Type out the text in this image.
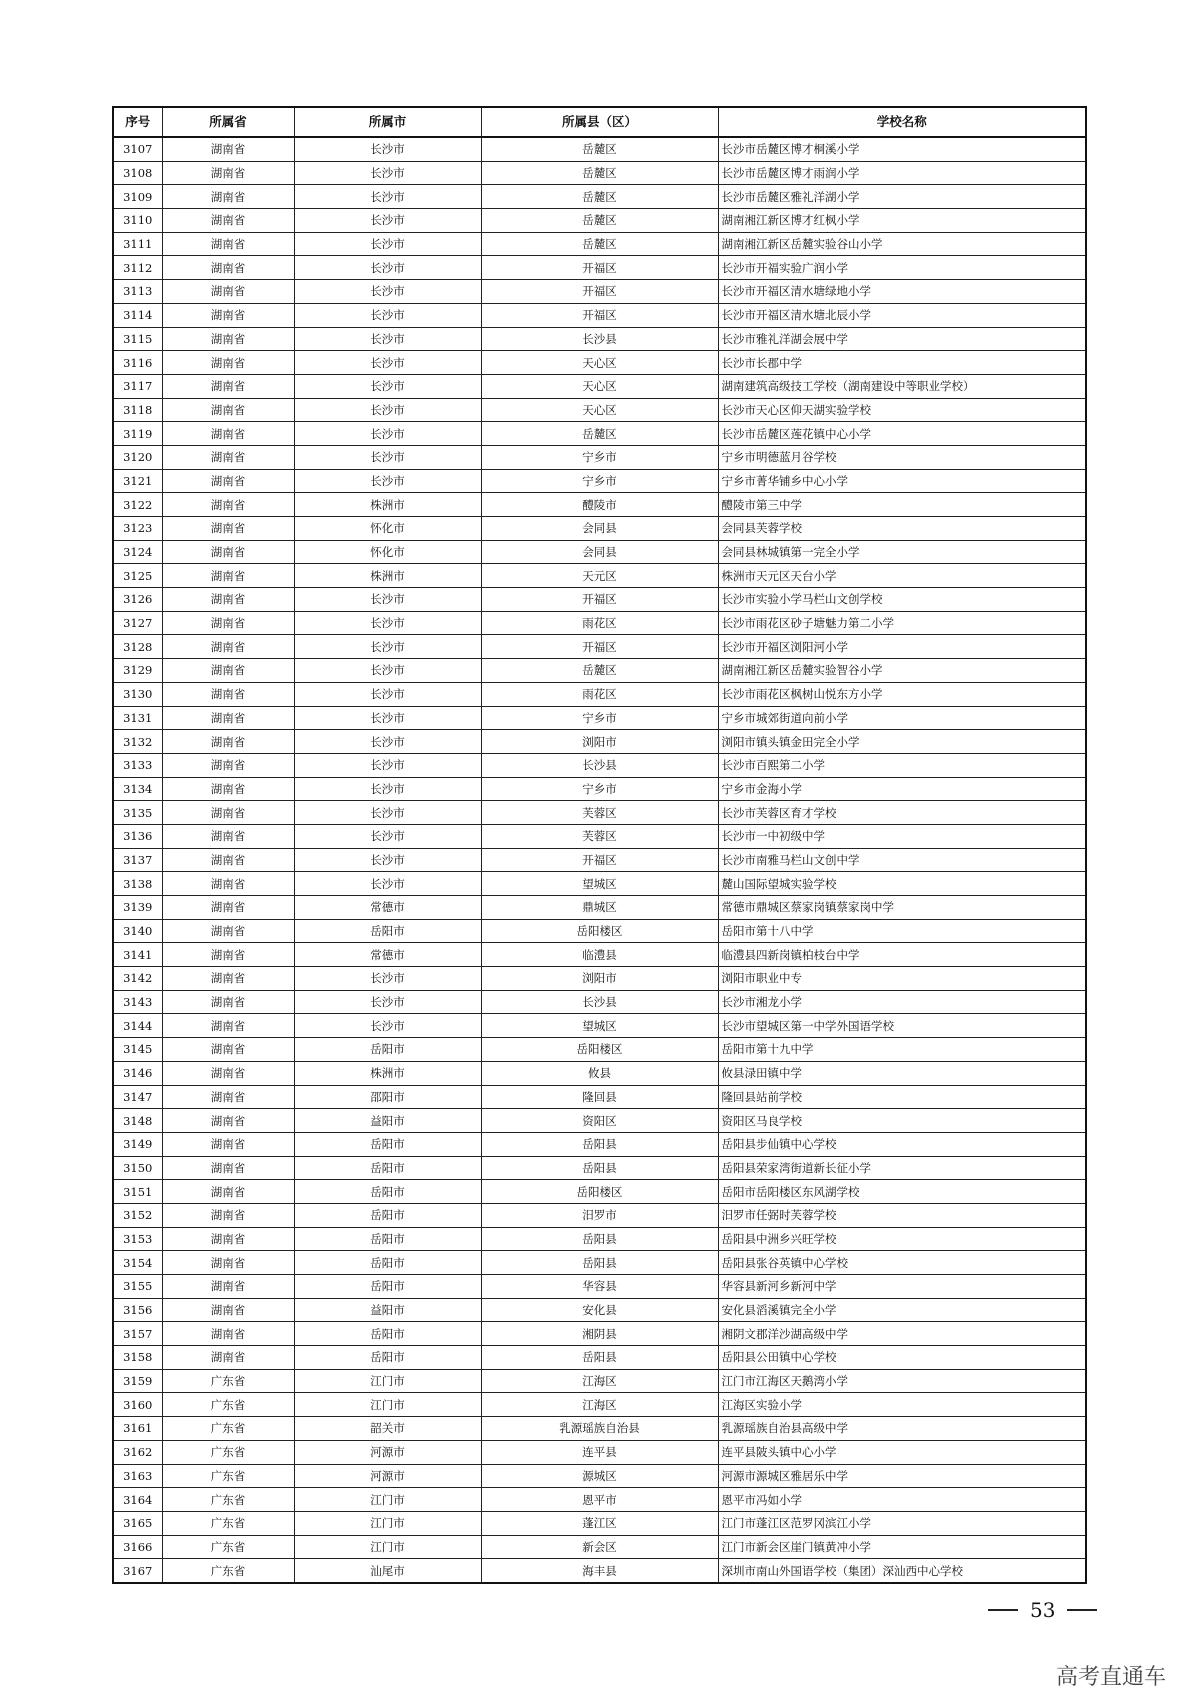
序号	所属省	所属市	所属县（区）	学校名称
3107	湖南省	长沙市	岳麓区	长沙市岳麓区博才桐溪小学
3108	湖南省	长沙市	岳麓区	长沙市岳麓区博才雨润小学
3109	湖南省	长沙市	岳麓区	长沙市岳麓区雅礼洋湖小学
3110	湖南省	长沙市	岳麓区	湖南湘江新区博才红枫小学
3111	湖南省	长沙市	岳麓区	湖南湘江新区岳麓实验谷山小学
3112	湖南省	长沙市	开福区	长沙市开福实验广润小学
3113	湖南省	长沙市	开福区	长沙市开福区清水塘绿地小学
3114	湖南省	长沙市	开福区	长沙市开福区清水塘北辰小学
3115	湖南省	长沙市	长沙县	长沙市雅礼洋湖会展中学
3116	湖南省	长沙市	天心区	长沙市长郡中学
3117	湖南省	长沙市	天心区	湖南建筑高级技工学校（湖南建设中等职业学校）
3118	湖南省	长沙市	天心区	长沙市天心区仰天湖实验学校
3119	湖南省	长沙市	岳麓区	长沙市岳麓区莲花镇中心小学
3120	湖南省	长沙市	宁乡市	宁乡市明德蓝月谷学校
3121	湖南省	长沙市	宁乡市	宁乡市菁华铺乡中心小学
3122	湖南省	株洲市	醴陵市	醴陵市第三中学
3123	湖南省	怀化市	会同县	会同县芙蓉学校
3124	湖南省	怀化市	会同县	会同县林城镇第一完全小学
3125	湖南省	株洲市	天元区	株洲市天元区天台小学
3126	湖南省	长沙市	开福区	长沙市实验小学马栏山文创学校
3127	湖南省	长沙市	雨花区	长沙市雨花区砂子塘魅力第二小学
3128	湖南省	长沙市	开福区	长沙市开福区浏阳河小学
3129	湖南省	长沙市	岳麓区	湖南湘江新区岳麓实验智谷小学
3130	湖南省	长沙市	雨花区	长沙市雨花区枫树山悦东方小学
3131	湖南省	长沙市	宁乡市	宁乡市城郊街道向前小学
3132	湖南省	长沙市	浏阳市	浏阳市镇头镇金田完全小学
3133	湖南省	长沙市	长沙县	长沙市百熙第二小学
3134	湖南省	长沙市	宁乡市	宁乡市金海小学
3135	湖南省	长沙市	芙蓉区	长沙市芙蓉区育才学校
3136	湖南省	长沙市	芙蓉区	长沙市一中初级中学
3137	湖南省	长沙市	开福区	长沙市南雅马栏山文创中学
3138	湖南省	长沙市	望城区	麓山国际望城实验学校
3139	湖南省	常德市	鼎城区	常德市鼎城区蔡家岗镇蔡家岗中学
3140	湖南省	岳阳市	岳阳楼区	岳阳市第十八中学
3141	湖南省	常德市	临澧县	临澧县四新岗镇柏枝台中学
3142	湖南省	长沙市	浏阳市	浏阳市职业中专
3143	湖南省	长沙市	长沙县	长沙市湘龙小学
3144	湖南省	长沙市	望城区	长沙市望城区第一中学外国语学校
3145	湖南省	岳阳市	岳阳楼区	岳阳市第十九中学
3146	湖南省	株洲市	攸县	攸县渌田镇中学
3147	湖南省	邵阳市	隆回县	隆回县站前学校
3148	湖南省	益阳市	资阳区	资阳区马良学校
3149	湖南省	岳阳市	岳阳县	岳阳县步仙镇中心学校
3150	湖南省	岳阳市	岳阳县	岳阳县荣家湾街道新长征小学
3151	湖南省	岳阳市	岳阳楼区	岳阳市岳阳楼区东风湖学校
3152	湖南省	岳阳市	汨罗市	汨罗市任弼时芙蓉学校
3153	湖南省	岳阳市	岳阳县	岳阳县中洲乡兴旺学校
3154	湖南省	岳阳市	岳阳县	岳阳县张谷英镇中心学校
3155	湖南省	岳阳市	华容县	华容县新河乡新河中学
3156	湖南省	益阳市	安化县	安化县滔溪镇完全小学
3157	湖南省	岳阳市	湘阴县	湘阴文郡洋沙湖高级中学
3158	湖南省	岳阳市	岳阳县	岳阳县公田镇中心学校
3159	广东省	江门市	江海区	江门市江海区天鹅湾小学
3160	广东省	江门市	江海区	江海区实验小学
3161	广东省	韶关市	乳源瑶族自治县	乳源瑶族自治县高级中学
3162	广东省	河源市	连平县	连平县陂头镇中心小学
3163	广东省	河源市	源城区	河源市源城区雅居乐中学
3164	广东省	江门市	恩平市	恩平市冯如小学
3165	广东省	江门市	蓬江区	江门市蓬江区范罗冈滨江小学
3166	广东省	江门市	新会区	江门市新会区崖门镇黄冲小学
3167	广东省	汕尾市	海丰县	深圳市南山外国语学校（集团）深汕西中心学校
53
高考直通车
